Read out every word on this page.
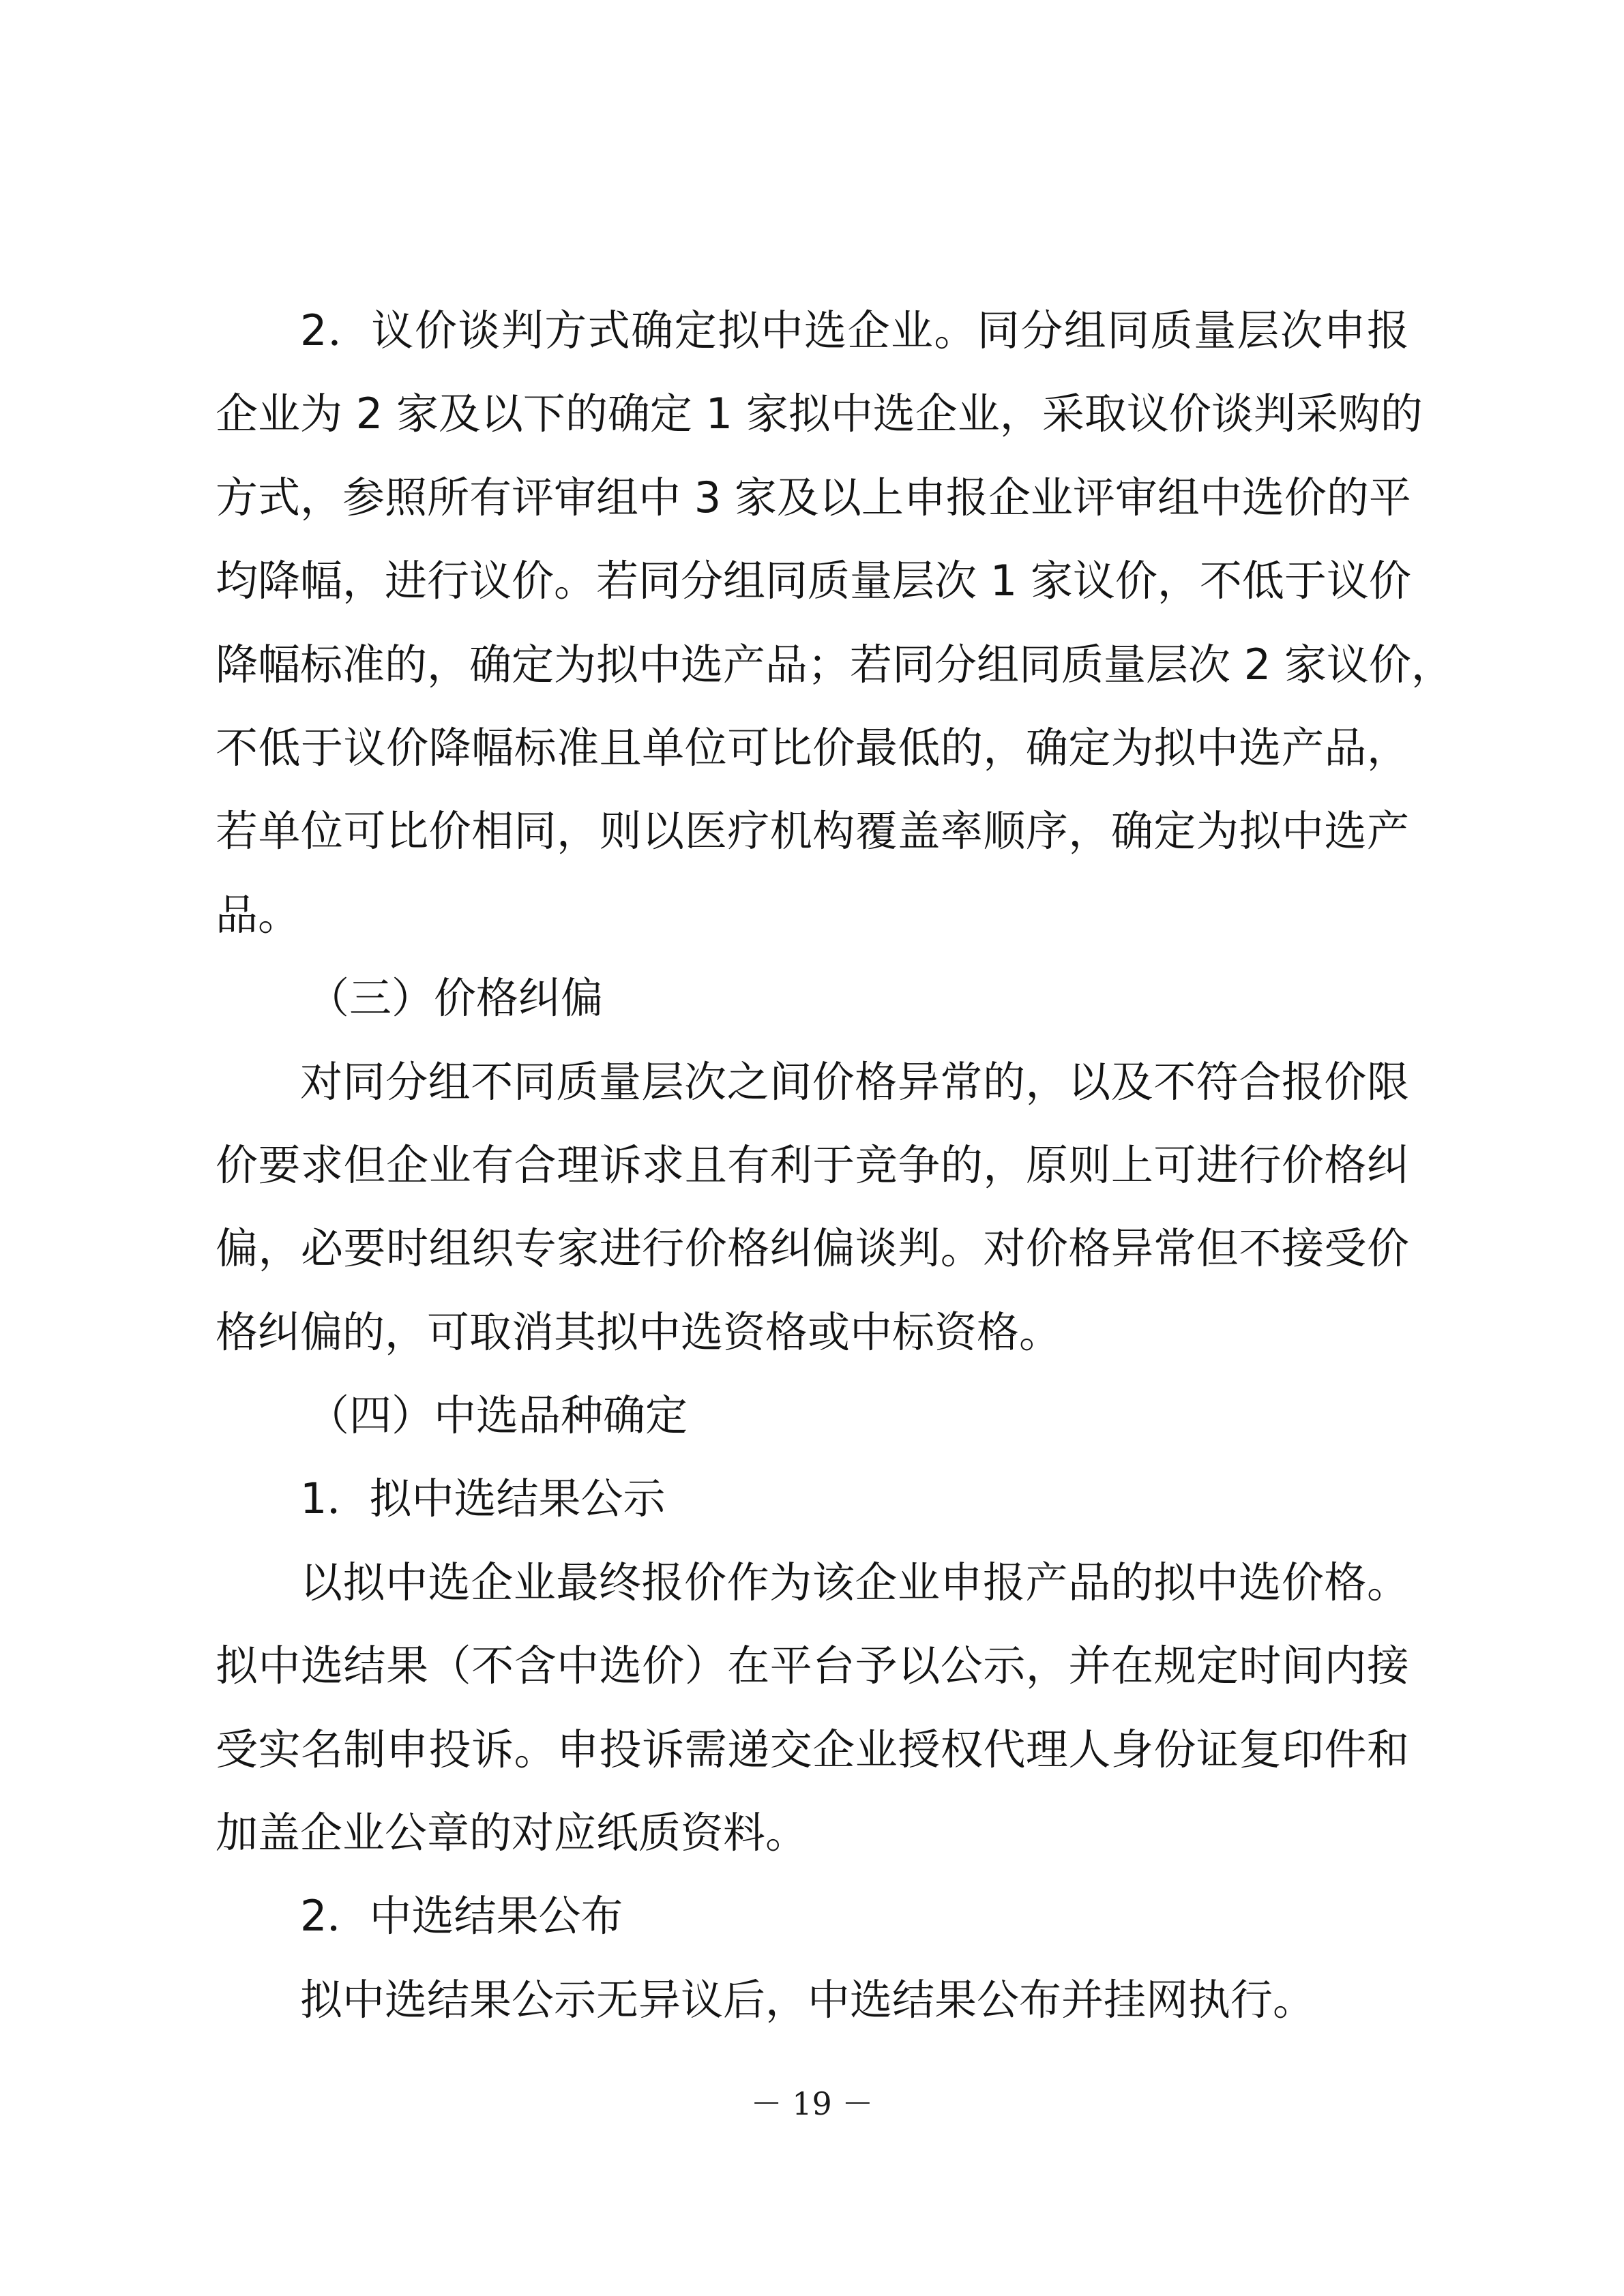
2．议价谈判方式确定拟中选企业。同分组同质量层次申报
企业为 2 家及以下的确定 1 家拟中选企业，采取议价谈判采购的
方式，参照所有评审组中 3 家及以上申报企业评审组中选价的平
均降幅，进行议价。若同分组同质量层次 1 家议价，不低于议价
降幅标准的，确定为拟中选产品；若同分组同质量层次 2 家议价，
不低于议价降幅标准且单位可比价最低的，确定为拟中选产品，
若单位可比价相同，则以医疗机构覆盖率顺序，确定为拟中选产
品。
（三）价格纠偏
对同分组不同质量层次之间价格异常的，以及不符合报价限
价要求但企业有合理诉求且有利于竞争的，原则上可进行价格纠
偏，必要时组织专家进行价格纠偏谈判。对价格异常但不接受价
格纠偏的，可取消其拟中选资格或中标资格。
（四）中选品种确定
1．拟中选结果公示
以拟中选企业最终报价作为该企业申报产品的拟中选价格。
拟中选结果（不含中选价）在平台予以公示，并在规定时间内接
受实名制申投诉。申投诉需递交企业授权代理人身份证复印件和
加盖企业公章的对应纸质资料。
2．中选结果公布
拟中选结果公示无异议后，中选结果公布并挂网执行。
－ 19 －
